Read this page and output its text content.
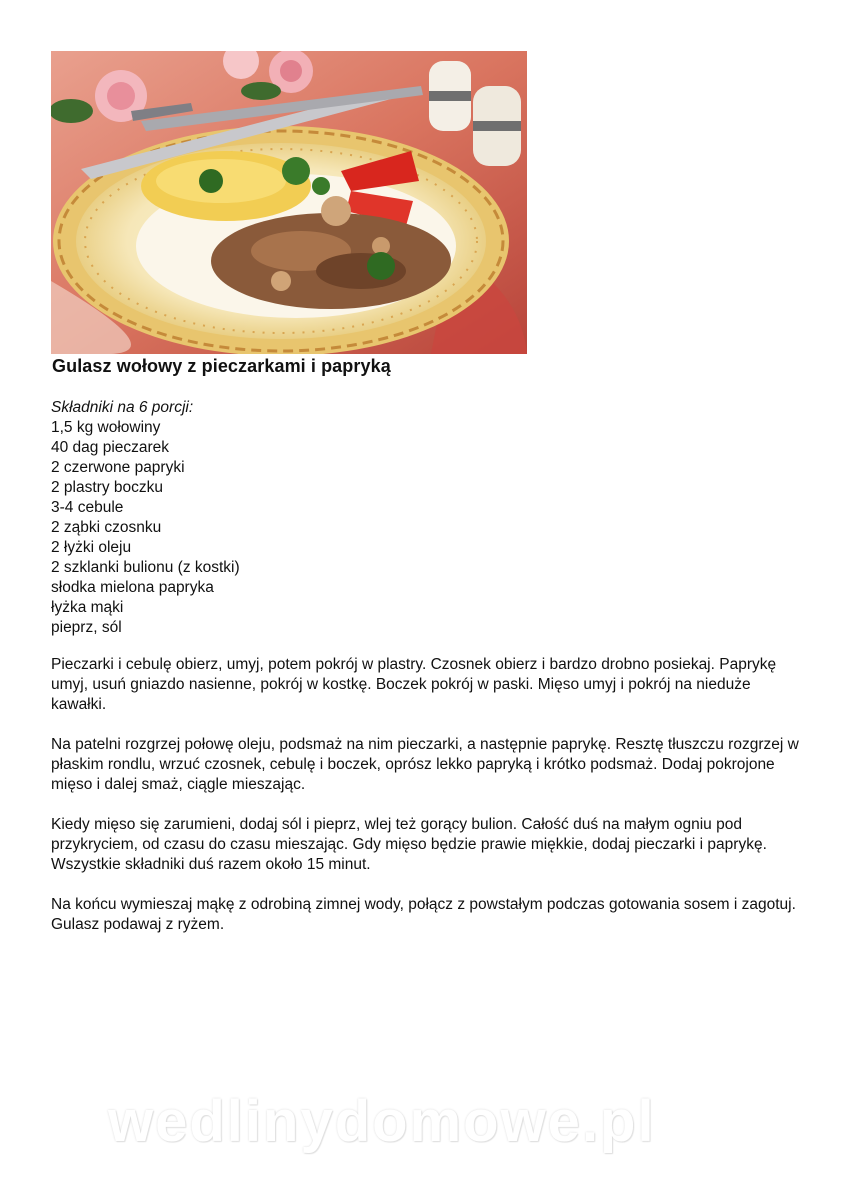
Gulasz wołowy z pieczarkami i papryką
Składniki na 6 porcji:
1,5 kg wołowiny
40 dag pieczarek
2 czerwone papryki
2 plastry boczku
3-4 cebule
2 ząbki czosnku
2 łyżki oleju
2 szklanki bulionu (z kostki)
słodka mielona papryka
łyżka mąki
pieprz, sól

Pieczarki i cebulę obierz, umyj, potem pokrój w plastry. Czosnek obierz i bardzo drobno posiekaj. Paprykę umyj, usuń gniazdo nasienne, pokrój w kostkę. Boczek pokrój w paski. Mięso umyj i pokrój na nieduże kawałki.

Na patelni rozgrzej połowę oleju, podsmaż na nim pieczarki, a następnie paprykę. Resztę tłuszczu rozgrzej w płaskim rondlu, wrzuć czosnek, cebulę i boczek, oprósz lekko papryką i krótko podsmaż. Dodaj pokrojone mięso i dalej smaż, ciągle mieszając.

Kiedy mięso się zarumieni, dodaj sól i pieprz, wlej też gorący bulion. Całość duś na małym ogniu pod przykryciem, od czasu do czasu mieszając. Gdy mięso będzie prawie miękkie, dodaj pieczarki i paprykę. Wszystkie składniki duś razem około 15 minut.

Na końcu wymieszaj mąkę z odrobiną zimnej wody, połącz z powstałym podczas gotowania sosem i zagotuj. Gulasz podawaj z ryżem.

wedlinydomowe.pl
